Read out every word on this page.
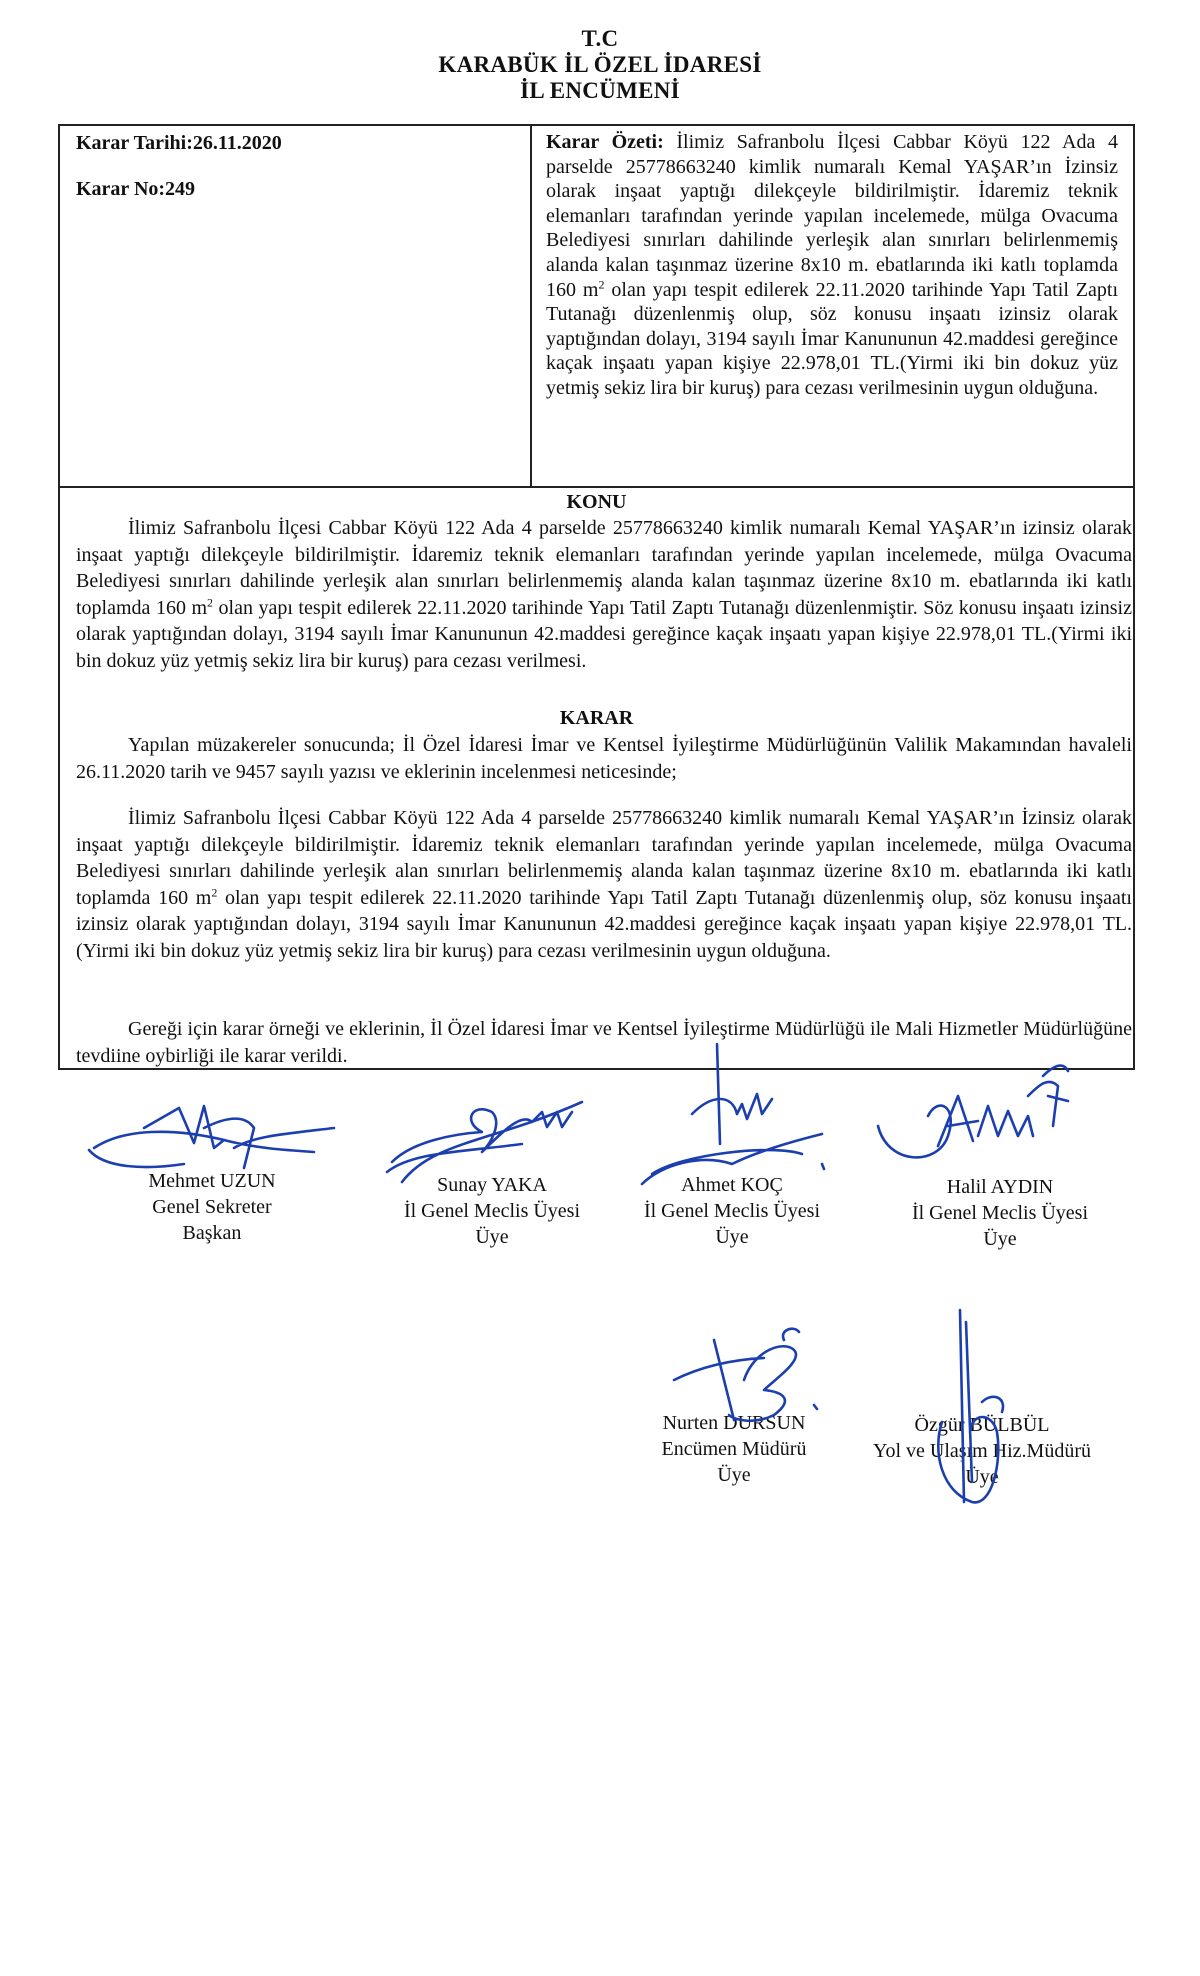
T.C
KARABÜK İL ÖZEL İDARESİ
İL ENCÜMENİ
Karar Tarihi:26.11.2020
Karar No:249
Karar Özeti: İlimiz Safranbolu İlçesi Cabbar Köyü 122 Ada 4 parselde 25778663240 kimlik numaralı Kemal YAŞAR’ın İzinsiz olarak inşaat yaptığı dilekçeyle bildirilmiştir. İdaremiz teknik elemanları tarafından yerinde yapılan incelemede, mülga Ovacuma Belediyesi sınırları dahilinde yerleşik alan sınırları belirlenmemiş alanda kalan taşınmaz üzerine 8x10 m. ebatlarında iki katlı toplamda 160 $m^2$ olan yapı tespit edilerek 22.11.2020 tarihinde Yapı Tatil Zaptı Tutanağı düzenlenmiş olup, söz konusu inşaatı izinsiz olarak yaptığından dolayı, 3194 sayılı İmar Kanununun 42.maddesi gereğince kaçak inşaatı yapan kişiye 22.978,01 TL.(Yirmi iki bin dokuz yüz yetmiş sekiz lira bir kuruş) para cezası verilmesinin uygun olduğuna.
KONU
İlimiz Safranbolu İlçesi Cabbar Köyü 122 Ada 4 parselde 25778663240 kimlik numaralı Kemal YAŞAR’ın izinsiz olarak inşaat yaptığı dilekçeyle bildirilmiştir. İdaremiz teknik elemanları tarafından yerinde yapılan incelemede, mülga Ovacuma Belediyesi sınırları dahilinde yerleşik alan sınırları belirlenmemiş alanda kalan taşınmaz üzerine 8x10 m. ebatlarında iki katlı toplamda 160 $m^2$ olan yapı tespit edilerek 22.11.2020 tarihinde Yapı Tatil Zaptı Tutanağı düzenlenmiştir. Söz konusu inşaatı izinsiz olarak yaptığından dolayı, 3194 sayılı İmar Kanununun 42.maddesi gereğince kaçak inşaatı yapan kişiye 22.978,01 TL.(Yirmi iki bin dokuz yüz yetmiş sekiz lira bir kuruş) para cezası verilmesi.
KARAR
Yapılan müzakereler sonucunda; İl Özel İdaresi İmar ve Kentsel İyileştirme Müdürlüğünün Valilik Makamından havaleli 26.11.2020 tarih ve 9457 sayılı yazısı ve eklerinin incelenmesi neticesinde;
İlimiz Safranbolu İlçesi Cabbar Köyü 122 Ada 4 parselde 25778663240 kimlik numaralı Kemal YAŞAR’ın İzinsiz olarak inşaat yaptığı dilekçeyle bildirilmiştir. İdaremiz teknik elemanları tarafından yerinde yapılan incelemede, mülga Ovacuma Belediyesi sınırları dahilinde yerleşik alan sınırları belirlenmemiş alanda kalan taşınmaz üzerine 8x10 m. ebatlarında iki katlı toplamda 160 $m^2$ olan yapı tespit edilerek 22.11.2020 tarihinde Yapı Tatil Zaptı Tutanağı düzenlenmiş olup, söz konusu inşaatı izinsiz olarak yaptığından dolayı, 3194 sayılı İmar Kanununun 42.maddesi gereğince kaçak inşaatı yapan kişiye 22.978,01 TL.(Yirmi iki bin dokuz yüz yetmiş sekiz lira bir kuruş) para cezası verilmesinin uygun olduğuna.
Gereği için karar örneği ve eklerinin, İl Özel İdaresi İmar ve Kentsel İyileştirme Müdürlüğü ile Mali Hizmetler Müdürlüğüne tevdiine oybirliği ile karar verildi.
Mehmet UZUN
Genel Sekreter
Başkan
Sunay YAKA
İl Genel Meclis Üyesi
Üye
Ahmet KOÇ
İl Genel Meclis Üyesi
Üye
Halil AYDIN
İl Genel Meclis Üyesi
Üye
Nurten DURSUN
Encümen Müdürü
Üye
Özgür BÜLBÜL
Yol ve Ulaşım Hiz.Müdürü
Üye
